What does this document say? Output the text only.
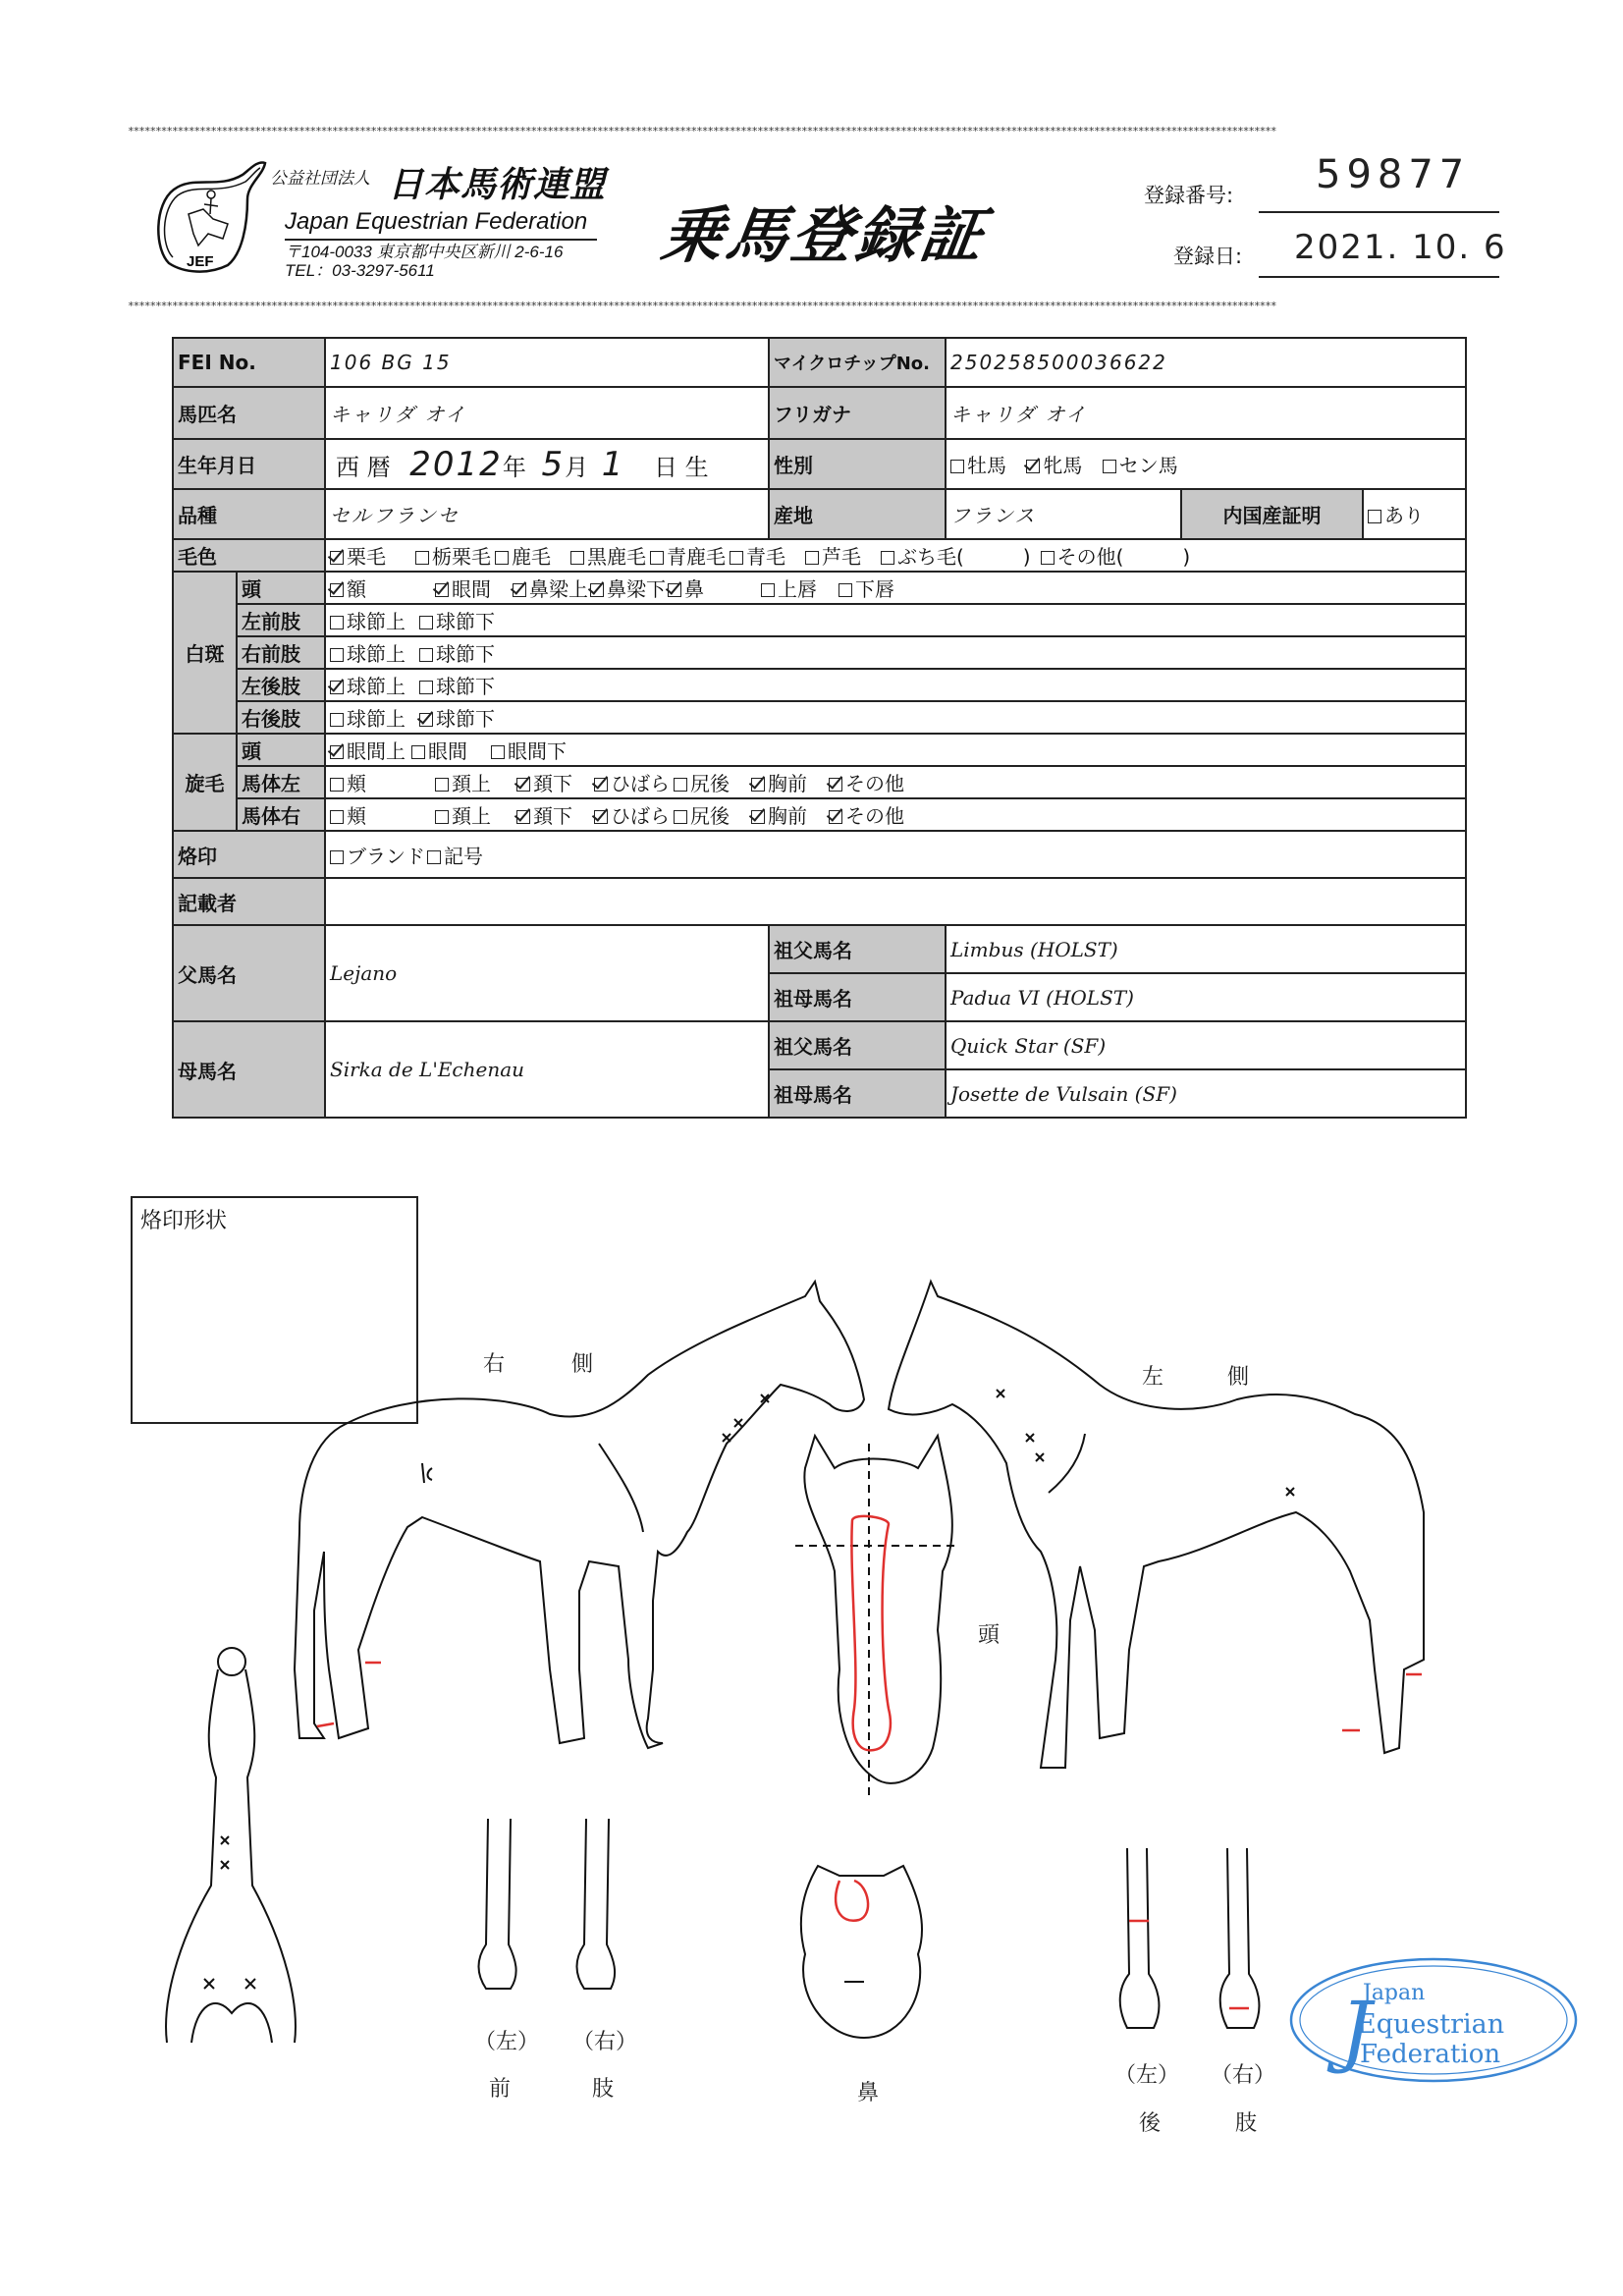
****************************************************************************************************************************************************************************************************************
JEF
公益社団法人 日本馬術連盟
Japan Equestrian Federation
〒104-0033 東京都中央区新川 2-6-16
TEL：03-3297-5611	乗馬登録証
登録番号: 59877
登録日: 2021. 10. 6
****************************************************************************************************************************************************************************************************************
FEI No.		106 BG 15	マイクロチップNo.	250258500036622		
馬匹名		キャリダ オイ	フリガナ	キャリダ オイ		
生年月日		西 暦 2012年 5月 1 日 生	性別	牡馬 牝馬 セン馬		
品種		セルフランセ	産地	フランス	内国産証明	あり
毛色		栗毛 栃栗毛 鹿毛 黒鹿毛 青鹿毛 青毛 芦毛 ぶち毛(　　　) その他(　　　)				
白斑	頭	額 眼間 鼻梁上 鼻梁下 鼻 上唇 下唇				
	左前肢	球節上 球節下				
	右前肢	球節上 球節下				
	左後肢	球節上 球節下				
	右後肢	球節上 球節下				
旋毛	頭	眼間上 眼間 眼間下				
	馬体左	頬 頚上 頚下 ひばら 尻後 胸前 その他				
	馬体右	頬 頚上 頚下 ひばら 尻後 胸前 その他				
烙印		ブランド 記号				
記載者						
父馬名		Lejano	祖父馬名	Limbus (HOLST)		
			祖母馬名	Padua VI (HOLST)		
母馬名		Sirka de L'Echenau	祖父馬名	Quick Star (SF)		
			祖母馬名	Josette de Vulsain (SF)		
烙印形状
右	側
左	側
頭
鼻
（左） （右）
前	肢
（左） （右）
後	肢
J
Japan
Equestrian
Federation
